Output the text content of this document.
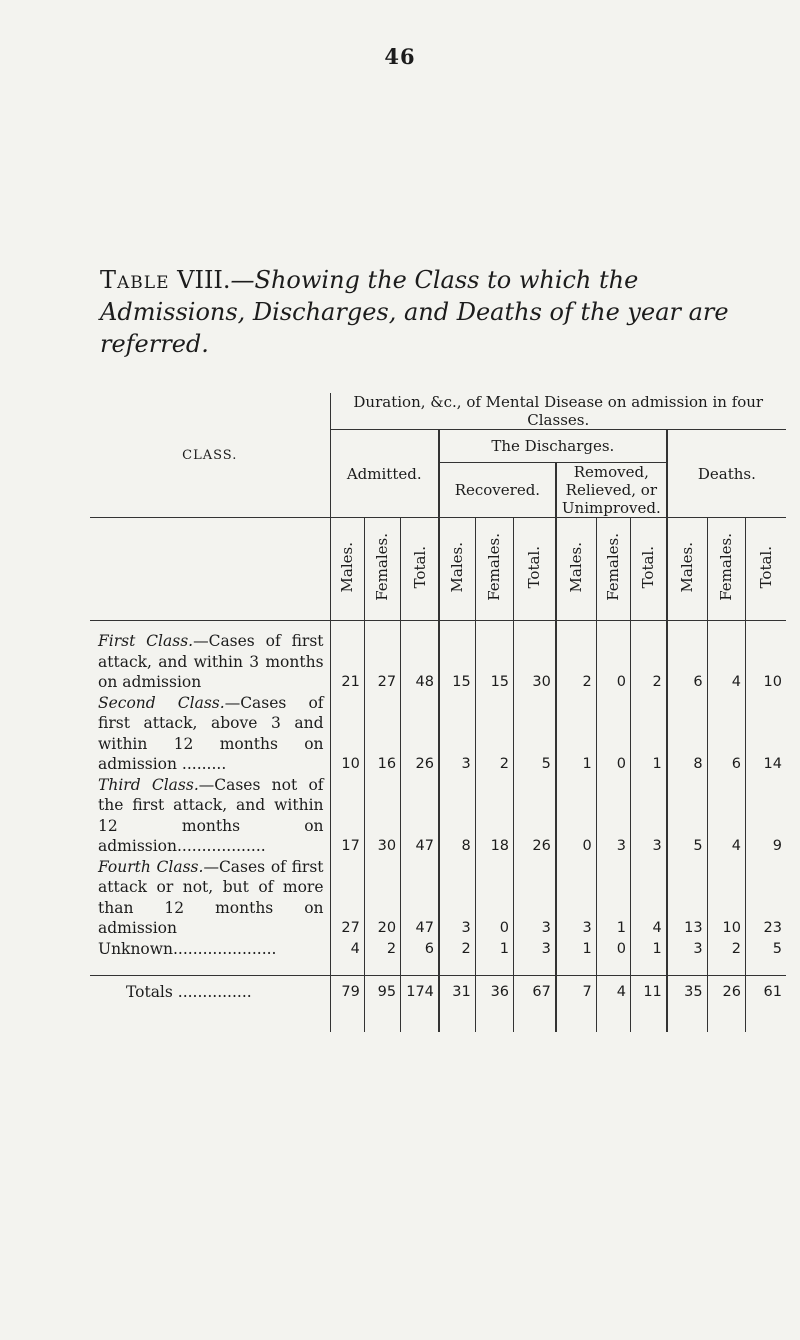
46
Table VIII.—Showing the Class to which the Admissions, Discharges, and Deaths of the year are referred.
CLASS.	Duration, &c., of Mental Disease on admission in four Classes.											
	Admitted.			The Discharges.						Deaths.		
				Recovered.			Removed, Relieved, or Unimproved.					
	Males.	Females.	Total.	Males.	Females.	Total.	Males.	Females.	Total.	Males.	Females.	Total.

First Class.—Cases of first attack, and within 3 months on admission	21	27	48	15	15	30	2	0	2	6	4	10
Second Class.—Cases of first attack, above 3 and within 12 months on admission .........	10	16	26	3	2	5	1	0	1	8	6	14
Third Class.—Cases not of the first attack, and within 12 months on admission..................	17	30	47	8	18	26	0	3	3	5	4	9
Fourth Class.—Cases of first attack or not, but of more than 12 months on admission	27	20	47	3	0	3	3	1	4	13	10	23
Unknown.....................	4	2	6	2	1	3	1	0	1	3	2	5

Totals ...............	79	95	174	31	36	67	7	4	11	35	26	61
